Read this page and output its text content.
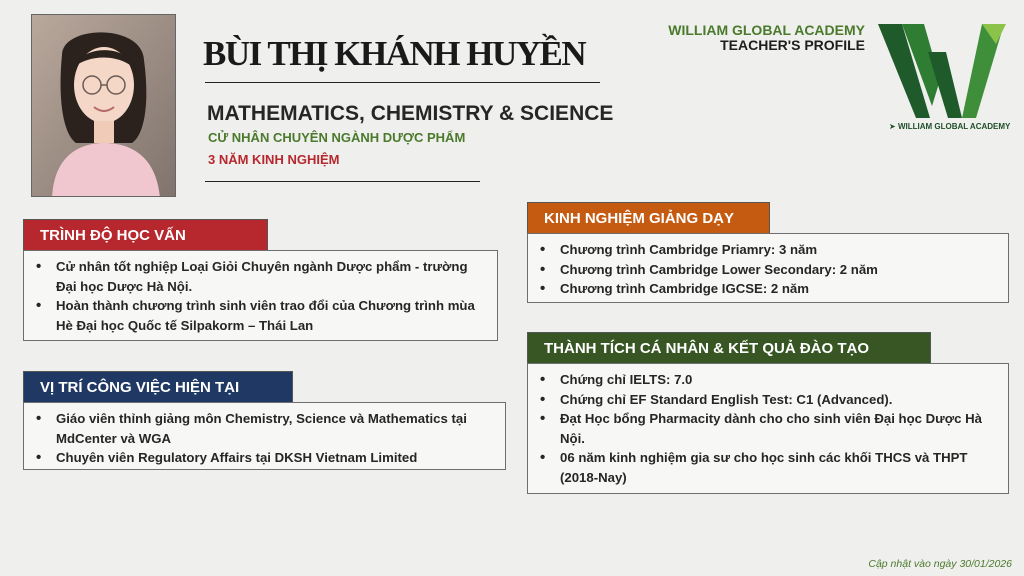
BÙI THỊ KHÁNH HUYỀN
MATHEMATICS, CHEMISTRY & SCIENCE
CỬ NHÂN CHUYÊN NGÀNH DƯỢC PHẨM
3 NĂM KINH NGHIỆM
WILLIAM GLOBAL ACADEMY
TEACHER'S PROFILE
➤ WILLIAM GLOBAL ACADEMY
TRÌNH ĐỘ HỌC VẤN
• Cử nhân tốt nghiệp Loại Giỏi Chuyên ngành Dược phẩm - trường Đại học Dược Hà Nội.
• Hoàn thành chương trình sinh viên trao đổi của Chương trình mùa Hè Đại học Quốc tế Silpakorm – Thái Lan
VỊ TRÍ CÔNG VIỆC HIỆN TẠI
• Giáo viên thỉnh giảng môn Chemistry, Science và Mathematics tại MdCenter và WGA
• Chuyên viên Regulatory Affairs tại DKSH Vietnam Limited
KINH NGHIỆM GIẢNG DẠY
• Chương trình Cambridge Priamry: 3 năm
• Chương trình Cambridge Lower Secondary: 2 năm
• Chương trình Cambridge IGCSE: 2 năm
THÀNH TÍCH CÁ NHÂN & KẾT QUẢ ĐÀO TẠO
• Chứng chỉ IELTS: 7.0
• Chứng chỉ EF Standard English Test: C1 (Advanced).
• Đạt Học bổng Pharmacity dành cho cho sinh viên Đại học Dược Hà Nội.
• 06 năm kinh nghiệm gia sư cho học sinh các khối THCS và THPT (2018-Nay)
Cập nhật vào ngày 30/01/2026
